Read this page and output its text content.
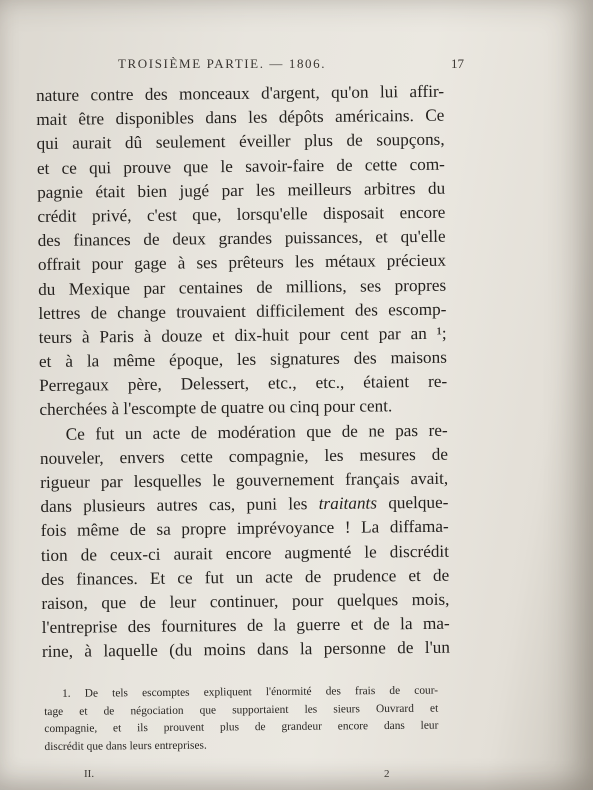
TROISIÈME PARTIE. — 1806.	17
nature contre des monceaux d'argent, qu'on lui affir-
mait être disponibles dans les dépôts américains. Ce
qui aurait dû seulement éveiller plus de soupçons,
et ce qui prouve que le savoir-faire de cette com-
pagnie était bien jugé par les meilleurs arbitres du
crédit privé, c'est que, lorsqu'elle disposait encore
des finances de deux grandes puissances, et qu'elle
offrait pour gage à ses prêteurs les métaux précieux
du Mexique par centaines de millions, ses propres
lettres de change trouvaient difficilement des escomp-
teurs à Paris à douze et dix-huit pour cent par an ¹;
et à la même époque, les signatures des maisons
Perregaux père, Delessert, etc., etc., étaient re-
cherchées à l'escompte de quatre ou cinq pour cent.
Ce fut un acte de modération que de ne pas re-
nouveler, envers cette compagnie, les mesures de
rigueur par lesquelles le gouvernement français avait,
dans plusieurs autres cas, puni les traitants quelque-
fois même de sa propre imprévoyance ! La diffama-
tion de ceux-ci aurait encore augmenté le discrédit
des finances. Et ce fut un acte de prudence et de
raison, que de leur continuer, pour quelques mois,
l'entreprise des fournitures de la guerre et de la ma-
rine, à laquelle (du moins dans la personne de l'un
1. De tels escomptes expliquent l'énormité des frais de cour-
tage et de négociation que supportaient les sieurs Ouvrard et
compagnie, et ils prouvent plus de grandeur encore dans leur
discrédit que dans leurs entreprises.
II.	2
